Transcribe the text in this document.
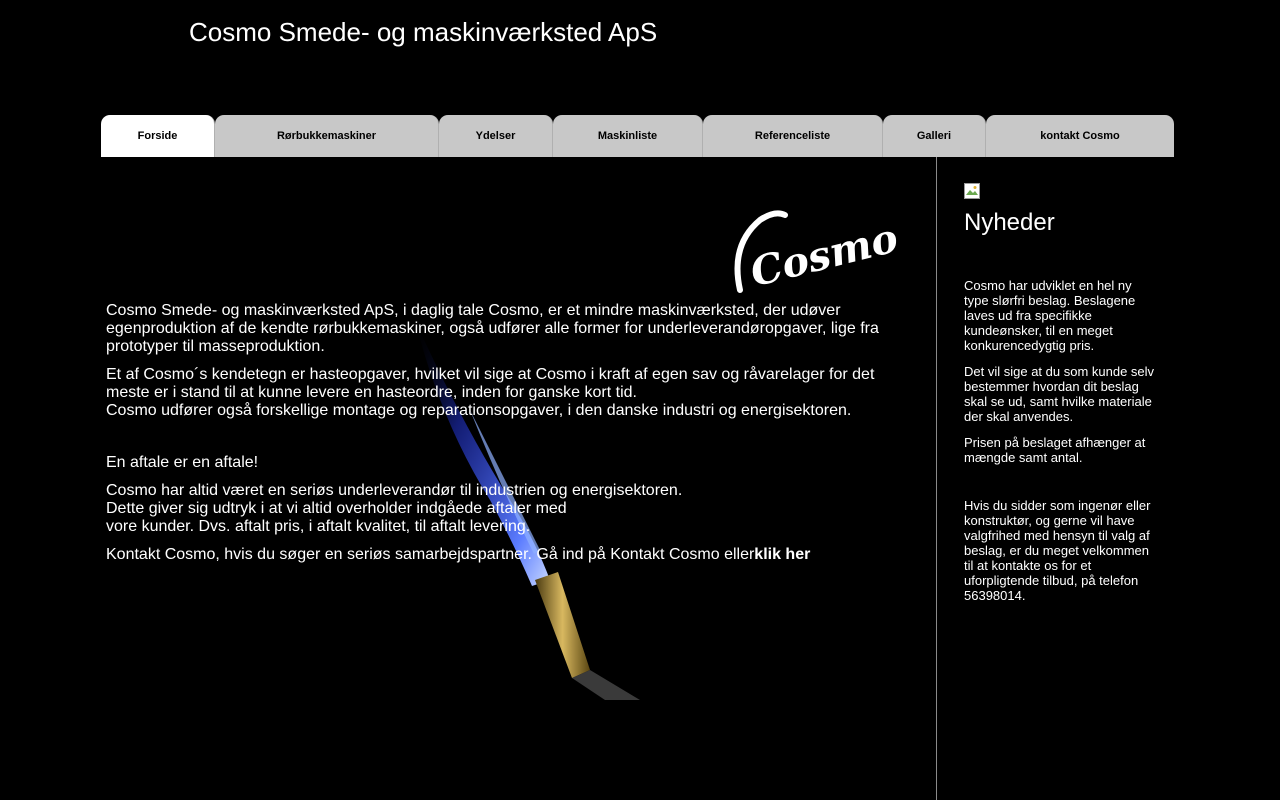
Cosmo Smede- og maskinværksted ApS
Forside	Rørbukkemaskiner	Ydelser	Maskinliste	Referenceliste	Galleri	kontakt Cosmo
Cosmo

Cosmo Smede- og maskinværksted ApS, i daglig tale Cosmo, er et mindre maskinværksted, der udøver egenproduktion af de kendte rørbukkemaskiner, også udfører alle former for underleverandøropgaver, lige fra prototyper til masseproduktion.

Et af Cosmo´s kendetegn er hasteopgaver, hvilket vil sige at Cosmo i kraft af egen sav og råvarelager for det meste er i stand til at kunne levere en hasteordre, inden for ganske kort tid.
Cosmo udfører også forskellige montage og reparationsopgaver, i den danske industri og energisektoren.

En aftale er en aftale!

Cosmo har altid været en seriøs underleverandør til industrien og energisektoren.
Dette giver sig udtryk i at vi altid overholder indgåede aftaler med
vore kunder. Dvs. aftalt pris, i aftalt kvalitet, til aftalt levering.

Kontakt Cosmo, hvis du søger en seriøs samarbejdspartner. Gå ind på Kontakt Cosmo ellerklik her

Nyheder

Cosmo har udviklet en hel ny type slørfri beslag. Beslagene laves ud fra specifikke kundeønsker, til en meget konkurencedygtig pris.

Det vil sige at du som kunde selv bestemmer hvordan dit beslag skal se ud, samt hvilke materiale der skal anvendes.

Prisen på beslaget afhænger at mængde samt antal.

Hvis du sidder som ingenør eller konstruktør, og gerne vil have valgfrihed med hensyn til valg af beslag, er du meget velkommen til at kontakte os for et uforpligtende tilbud, på telefon 56398014.
